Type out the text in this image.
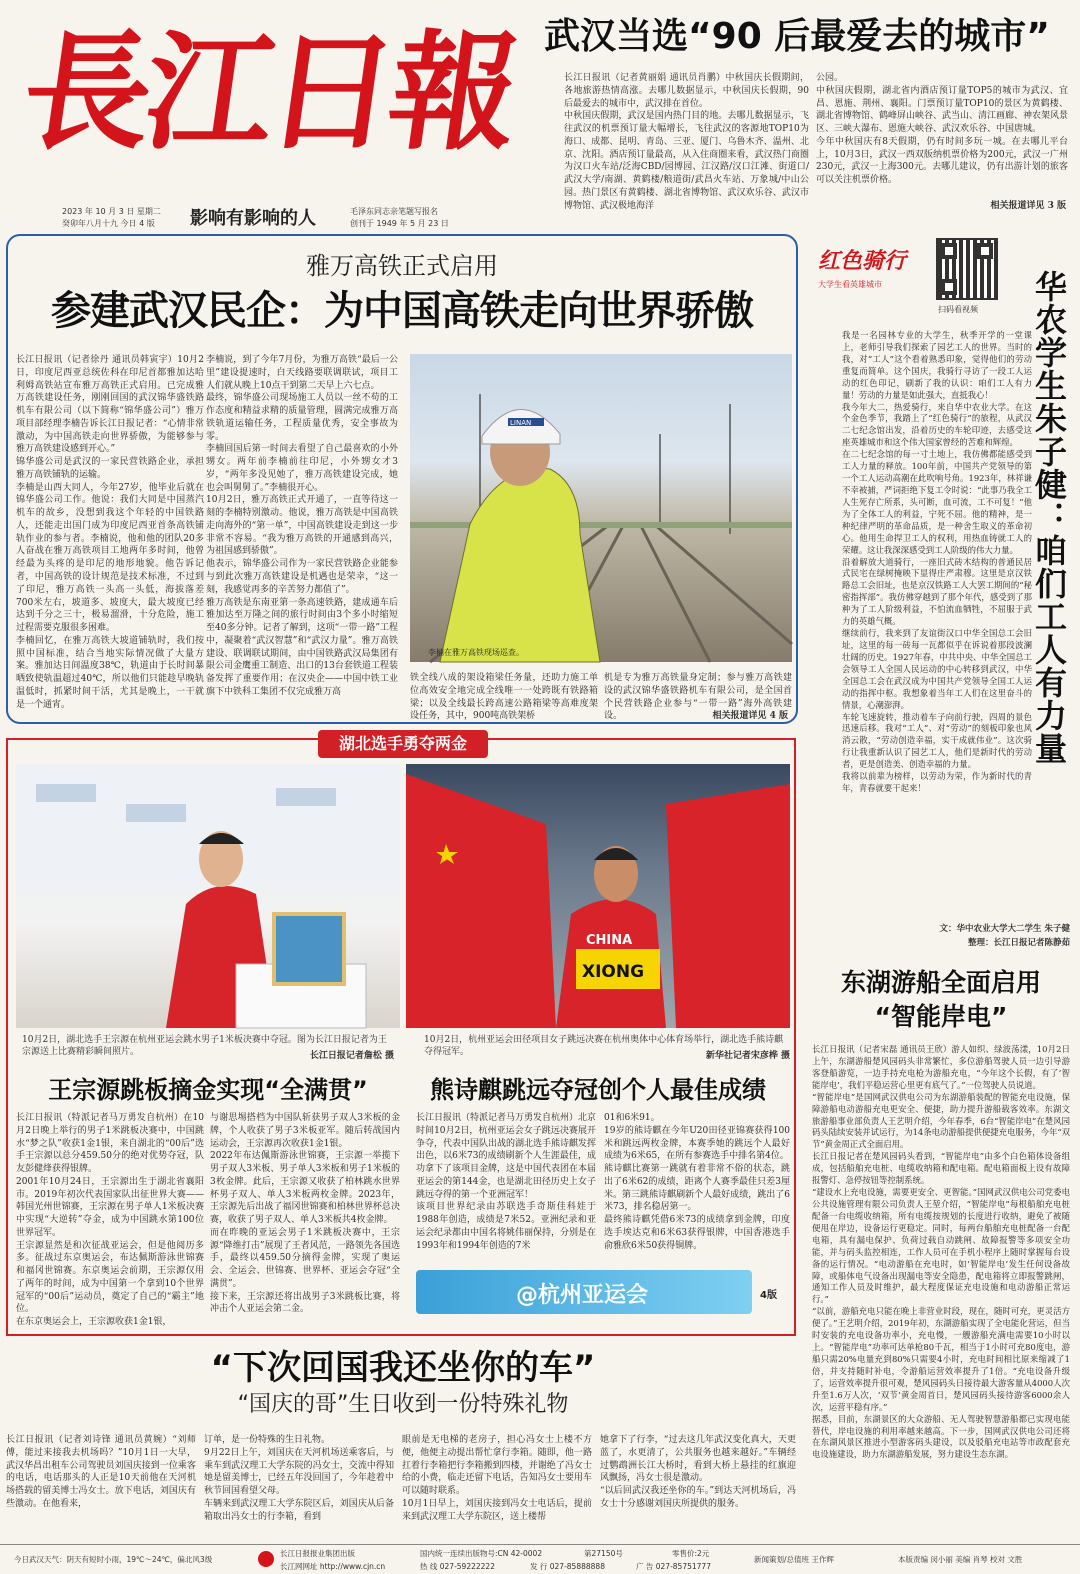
長江日報
2023 年 10 月 3 日 星期二
癸卯年八月十九 今日 4 版 影响有影响的人	毛泽东同志亲笔题写报名
创刊于 1949 年 5 月 23 日
武汉当选“90 后最爱去的城市”
长江日报讯（记者黄丽娟 通讯员肖鹏）中秋国庆长假期间，各地旅游热情高涨。去哪儿数据显示，中秋国庆长假期，90后最爱去的城市中，武汉排在首位。
中秋国庆假期，武汉是国内热门目的地。去哪儿数据显示，飞往武汉的机票预订量大幅增长，飞往武汉的客源地TOP10为海口、成都、昆明、青岛、三亚、厦门、乌鲁木齐、温州、北京、沈阳。酒店预订量最高，从入住商圈来看，武汉热门商圈为汉口火车站/泛海CBD/园博园、江汉路/汉口江滩、街道口/武汉大学/南湖、黄鹤楼/粮道街/武昌火车站、万象城/中山公园。热门景区有黄鹤楼、湖北省博物馆、武汉欢乐谷、武汉市博物馆、武汉极地海洋
公园。
中秋国庆假期，湖北省内酒店预订量TOP5的城市为武汉、宜昌、恩施、荆州、襄阳。门票预订量TOP10的景区为黄鹤楼、湖北省博物馆、鹤峰屏山峡谷、武当山、清江画廊、神农架风景区、三峡大瀑布、恩施大峡谷、武汉欢乐谷、中国唐城。
今年中秋国庆有8天假期，仍有时间多玩一城。在去哪儿平台上，10月3日，武汉一西双版纳机票价格为200元，武汉一广州230元，武汉一上海300元。去哪儿建议，仍有出游计划的旅客可以关注机票价格。
相关报道详见 3 版
雅万高铁正式启用
参建武汉民企：为中国高铁走向世界骄傲
长江日报讯（记者徐丹 通讯员韩寅宇）10月2日，印度尼西亚总统佐科在印尼首都雅加达哈利姆高铁站宣布雅万高铁正式启用。已完成雅万高铁建设任务，刚刚回国的武汉锦华盛铁路机车有限公司（以下简称“锦华盛公司”）雅万项目部经理李楠告诉长江日报记者：“心情非常激动，为中国高铁走向世界骄傲，为能够参与雅万高铁建设感到开心。”
锦华盛公司是武汉的一家民营铁路企业，承担雅万高铁铺轨的运输。
李楠是山西大同人，今年27岁，他毕业后就在锦华盛公司工作。他说：我们大同是中国蒸汽机车的故乡，没想到我这个年轻的中国铁路人，还能走出国门成为印度尼西亚首条高铁铺轨作业的参与者。李楠说，他和他的团队20多人奋战在雅万高铁项目工地两年多时间，他曾经最为头疼的是印尼的地形地貌。他告诉记者，中国高铁的设计规范是技术标准，不过到了印尼，雅万高铁一头高一头低，海拔落差700米左右，坡道多、坡度大，最大坡度已经达到千分之三十，极易溜滑，十分危险，施工过程需要克服很多困难。
李楠回忆，在雅万高铁大坡道铺轨时，我们按照中国标准，结合当地实际情况做了大量方案。雅加达日间温度38℃，轨道由于长时间暴晒致使轨温超过40℃，所以他们只能趁早晚轨温低时，抓紧时间干活，尤其是晚上，一干就是一个通宵。
李楠说，到了今年7月份，为雅万高铁“最后一公里”建设提速时，白天线路要联调联试，项目工人们就从晚上10点干到第二天早上六七点。
最终，锦华盛公司现场施工人员以一丝不苟的工作态度和精益求精的质量管理，圆满完成雅万高铁轨道运输任务，工程质量优秀，安全事故为零。
李楠回国后第一时间去看望了自己最喜欢的小外甥女。两年前李楠前往印尼，小外甥女才3岁，“两年多没见她了，雅万高铁建设完成，她也会叫舅舅了。”李楠很开心。
10月2日，雅万高铁正式开通了，一直等待这一刻的李楠特别激动。他说，雅万高铁是中国高铁走向海外的“第一单”，中国高铁建设走到这一步非常不容易。“我为雅万高铁的开通感到高兴，为祖国感到骄傲”。
他表示，锦华盛公司作为一家民营铁路企业能参与到此次雅万高铁建设是机遇也是荣幸，“这一刻，我感觉再多的辛苦努力都值了”。
雅万高铁是东南亚第一条高速铁路，建成通车后雅加达至万隆之间的旅行时间由3个多小时缩短至40多分钟。记者了解到，这项“一带一路”工程中，凝聚着“武汉智慧”和“武汉力量”。雅万高铁建设、联调联试期间，由中国铁路武汉局集团有限公司金鹰重工制造、出口的13台套铁道工程装备发挥了重要作用；在汉央企——中国中铁工业旗下中铁科工集团不仅完成雅万高
LINAN
李楠在雅万高铁现场巡查。
铁全线八成的架设箱梁任务量，还助力施工单位高效安全地完成全线唯一一处跨既有铁路箱梁；以及全线最长跨高速公路箱梁等高难度架设任务，其中，900吨高铁架桥
机是专为雅万高铁量身定制；参与雅万高铁建设的武汉锦华盛铁路机车有限公司，是全国首个民营铁路企业参与“一带一路”海外高铁建设。	相关报道详见 4 版
红色骑行
大学生看英雄城市
扫码看视频 华农学生朱子健：咱们工人有力量
我是一名园林专业的大学生，秋季开学的一堂课上，老师引导我们探索了园艺工人的世界。当时的我，对“工人”这个看着熟悉印象，觉得他们的劳动重复而简单。这个国庆，我骑行寻访了一段工人运动的红色印记，刷新了我的认识：咱们工人有力量！劳动的力量是如此强大，直抵我心！
我今年大二，热爱骑行，来自华中农业大学。在这个金色季节，我踏上了“红色骑行”的旅程，从武汉二七纪念馆出发，沿着历史的车轮印迹，去感受这座英雄城市和这个伟大国家曾经的苦难和辉煌。
在二七纪念馆的每一寸土地上，我仿佛都能感受到工人力量的释放。100年前，中国共产党领导的第一个工人运动高潮在此吹响号角。1923年，林祥谦不幸被捕，严词拒绝下复工令时说：“此事乃我全工人生死存亡所系，头可断，血可流，工不可复！”他为了全体工人的利益，宁死不屈。他的精神，是一种纪律严明的革命品质，是一种舍生取义的革命初心。他用生命捍卫工人的权利，用热血铸就工人的荣耀。这让我深深感受到工人阶级的伟大力量。
沿着解放大道骑行，一座旧式砖木结构的普通民居式民宅在绿树掩映下显得庄严肃穆。这里是京汉铁路总工会旧址，也是京汉铁路工人大罢工期间的“秘密指挥部”。我仿佛穿越到了那个年代，感受到了那种为了工人阶级利益，不怕流血牺牲，不屈服于武力的英雄气概。
继续前行，我来到了友谊街汉口中华全国总工会旧址，这里的每一砖每一瓦都似乎在诉说着那段波澜壮阔的历史。1927年春，中共中央、中华全国总工会领导工人全国人民运动的中心转移到武汉，中华全国总工会在武汉成为中国共产党领导全国工人运动的指挥中枢。我想象着当年工人们在这里奋斗的情景，心潮澎湃。
车轮飞速旋转，推动着车子向前行驶，四周的景色迅速后移。我对“工人”、对“劳动”的刻板印象也风消云散，“劳动创造幸福，实干成就伟业”。这次骑行让我重新认识了园艺工人，他们是新时代的劳动者，更是创造美、创造幸福的力量。
我将以前辈为榜样，以劳动为荣，作为新时代的青年，青春就要干起来！
文：华中农业大学大二学生 朱子健
整理：长江日报记者陈静茹
湖北选手勇夺两金
10月2日，湖北选手王宗源在杭州亚运会跳水男子1米板决赛中夺冠。图为长江日报记者为王宗源送上比赛精彩瞬间照片。	长江日报记者詹松 摄
CHINA
XIONG
10月2日，杭州亚运会田径项目女子跳远决赛在杭州奥体中心体育场举行，湖北选手熊诗麒夺得冠军。	新华社记者宋彦桦 摄
王宗源跳板摘金实现“全满贯”
长江日报讯（特派记者马万勇发自杭州）在10月2日晚上举行的男子1米跳板决赛中，中国跳水“梦之队”收获1金1银，来自湖北的“00后”选手王宗源以总分459.50分的绝对优势夺冠，队友彭健烽获得银牌。
2001年10月24日，王宗源出生于湖北省襄阳市。2019年初次代表国家队出征世界大赛——韩国光州世锦赛，王宗源在男子单人1米板决赛中实现“大逆转”夺金，成为中国跳水第100位世界冠军。
王宗源显然是和次征战亚运会，但是他阅历多多。征战过东京奥运会，布达佩斯游泳世锦赛和福冈世锦赛。东京奥运会前期，王宗源仅用了两年的时间，成为中国第一个拿到10个世界冠军的“00后”运动员，奠定了自己的“霸主”地位。
在东京奥运会上，王宗源收获1金1银，
与谢思埸搭档为中国队斩获男子双人3米板的金牌，个人收获了男子3米板亚军。随后转战国内运动会，王宗源再次收获1金1银。
2022年布达佩斯游泳世锦赛，王宗源一举揽下男子双人3米板、男子单人3米板和男子1米板的3枚金牌。此后，王宗源又收获了柏林跳水世界杯男子双人、单人3米板两枚金牌。2023年，王宗源先后出战了福冈世锦赛和柏林世界杯总决赛，收获了男子双人、单人3米板共4枚金牌。
而在昨晚的亚运会男子1米跳板决赛中，王宗源“降维打击”展现了王者风范，一路领先各国选手，最终以459.50分摘得金牌，实现了奥运会、全运会、世锦赛、世界杯、亚运会夺冠“全满贯”。
接下来，王宗源还将出战男子3米跳板比赛，将冲击个人亚运会第二金。
熊诗麒跳远夺冠创个人最佳成绩
长江日报讯（特派记者马万勇发自杭州）北京时间10月2日，杭州亚运会女子跳远决赛展开争夺，代表中国队出战的湖北选手熊诗麒发挥出色，以6米73的成绩刷新个人生涯最佳，成功拿下了该项目金牌，这是中国代表团在本届亚运会的第144金，也是湖北田径历史上女子跳远夺得的第一个亚洲冠军！
该项目世界纪录由苏联选手奇斯佳科娃于1988年创造，成绩是7米52。亚洲纪录和亚运会纪录都由中国名将姚伟丽保持，分别是在1993年和1994年创造的7米
01和6米91。
19岁的熊诗麒在今年U20田径亚锦赛获得100米和跳远两枚金牌，本赛季她的跳远个人最好成绩为6米65，在所有参赛选手中排名第4位。
熊诗麒比赛第一跳就有着非常不俗的状态，跳出了6米62的成绩，距离个人赛季最佳只差3厘米。第三跳熊诗麒刷新个人最好成绩，跳出了6米73，排名稳居第一。
最终熊诗麒凭借6米73的成绩拿到金牌，印度选手埃达克和6米63获得银牌，中国香港选手俞雅欣6米50获得铜牌。
@杭州亚运会	4版
东湖游船全面启用
“智能岸电”
长江日报讯（记者宋磊 通讯员王欣）游人如织、绿波荡漾，10月2日上午，东湖游船楚风园码头非常繁忙，多位游船驾驶人员一边引导游客登船游览，一边手持充电枪为游船充电，“今年这个长假，有了‘智能岸电’，我们平稳运营心里更有底气了。”一位驾驶人员说道。
“智能岸电”是国网武汉供电公司为东湖游船装配的智能充电设施，保障游船电动游船充电更安全、便捷，助力提升游船载客效率。东湖文旅游船事业部负责人王艺明介绍，今年春季，6台“智能岸电”在楚风园码头陆续安装并试运行，为14条电动游船提供便捷充电服务，今年“双节”黄金周正式全面启用。
长江日报记者在楚风园码头看到，“智能岸电”由多个白色箱体设备组成，包括船舶充电桩、电缆收纳箱和配电箱。配电箱面板上设有故障报警灯、急停按钮等控制系统。
“建设水上充电设施，需要更安全、更智能。”国网武汉供电公司党委电公共设施管理有限公司负责人王堃介绍，“智能岸电”每根船舶充电桩配备一台电缆收纳箱，所有电缆按规划的长度进行收纳，避免了被随便甩在岸边，设备运行更稳定。同时，每两台船舶充电桩配备一台配电箱，具有漏电保护、负荷过载自动跳闸、故障报警等多项安全功能，并与码头监控相连，工作人员可在手机小程序上随时掌握每台设备的运行情况。“电动游船在充电时，如‘智能岸电’发生任何设备故障，或船体电气设备出现漏电等安全隐患，配电箱将立即报警跳闸，通知工作人员及时维护，最大程度保证充电设施和电动游船正常运行。”
“以前，游船充电只能在晚上非营业时段，现在，随时可充，更灵活方便了。”王艺明介绍，2019年初，东湖游船实现了全电能化营运，但当时安装的充电设备功率小，充电慢，一艘游船充满电需要10小时以上。“智能岸电”功率可达单枪80千瓦，相当于1小时可充80度电，游船只需20%电量充到80%只需要4小时，充电时间相比原来缩减了1倍，并支持随时补电，令游船运营效率提升了1倍。“充电设备升级了，运营效率提升很可观，楚风园码头日接待最大游客量从4000人次升至1.6万人次，‘双节’黄金周首日，楚风园码头接待游客6000余人次，运营平稳有序。”
据悉，目前，东湖景区的大众游船、无人驾驶智慧游船都已实现电能替代，岸电设施的利用率越来越高。下一步，国网武汉供电公司还将在东湖风景区推进小型游客码头建设，以及驳船充电站等市政配套充电设施建设，助力东湖游船发展，努力建设生态东湖。
“下次回国我还坐你的车”
“国庆的哥”生日收到一份特殊礼物
长江日报讯（记者刘诗锋 通讯员黄婉）“刘师傅，能过来接我去机场吗？”10月1日一大早，武汉华昌出租车公司驾驶员刘国庆接到一位乘客的电话，电话那头的人正是10天前他在天河机场搭载的留美博士冯女士。放下电话，刘国庆有些激动。在他看来，
订单，是一份特殊的生日礼物。
9月22日上午，刘国庆在天河机场送乘客后，与乘车到武汉理工大学东院的冯女士，交流中得知她是留美博士，已经五年没回国了，今年趁着中秋节回国看望父母。
车辆来到武汉理工大学东院区后，刘国庆从后备箱取出冯女士的行李箱，看到
眼前是无电梯的老房子，担心冯女士上楼不方便，他便主动提出帮忙拿行李箱。随即，他一路扛着行李箱把行李箱搬到四楼，并谢绝了冯女士给的小费，临走还留下电话，告知冯女士要用车可以随时联系。
10月1日早上，刘国庆接到冯女士电话后，提前来到武汉理工大学东院区，送上楼帮
她拿下了行李，“过去这几年武汉变化真大，天更蓝了，水更清了，公共服务也越来越好。”车辆经过鹦鹉洲长江大桥时，看到大桥上悬挂的红旗迎风飘扬，冯女士很是激动。
“以后回武汉我还坐你的车。”到达天河机场后，冯女士十分感谢刘国庆所提供的服务。
今日武汉天气：阴天有短时小雨，19℃～24℃，偏北风3级
长江日报报业集团出版
长江网网址 http://www.cjn.cn
国内统一连续出版物号:CN 42-0002
热 线 027-59222222
第27150号
发 行 027-85888888
零售价:2元
广 告 027-85751777
新闻策划/总值班 王作辉	本版责编 闵小丽 美编 肖琴 校对 文胜
